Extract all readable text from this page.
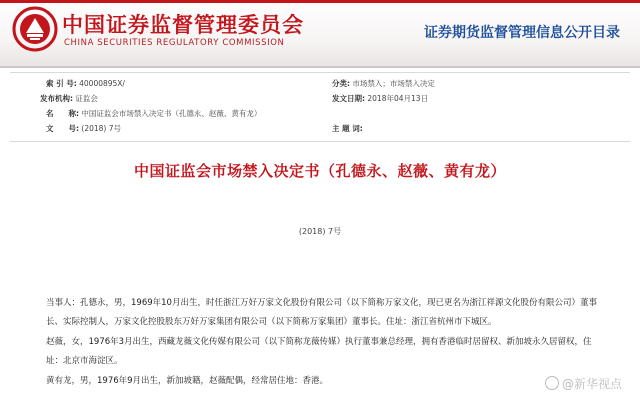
中国证券监督管理委员会
CHINA SECURITIES REGULATORY COMMISSION
证券期货监督管理信息公开目录
索 引 号: 40000895X/	分类: 市场禁入；市场禁入决定
发布机构: 证监会	发文日期: 2018年04月13日
名　　称: 中国证监会市场禁入决定书（孔德永、赵薇、黄有龙）
文　　号: (2018) 7号	主 题 词:
中国证监会市场禁入决定书（孔德永、赵薇、黄有龙）
(2018) 7号

当事人：孔德永，男，1969年10月出生，时任浙江万好万家文化股份有限公司（以下简称万家文化，现已更名为浙江祥源文化股份有限公司）董事长、实际控制人，万家文化控股股东万好万家集团有限公司（以下简称万家集团）董事长。住址：浙江省杭州市下城区。

赵薇，女，1976年3月出生，西藏龙薇文化传媒有限公司（以下简称龙薇传媒）执行董事兼总经理，拥有香港临时居留权、新加坡永久居留权，住址：北京市海淀区。

黄有龙，男，1976年9月出生，新加坡籍，赵薇配偶，经常居住地：香港。	@新华视点
